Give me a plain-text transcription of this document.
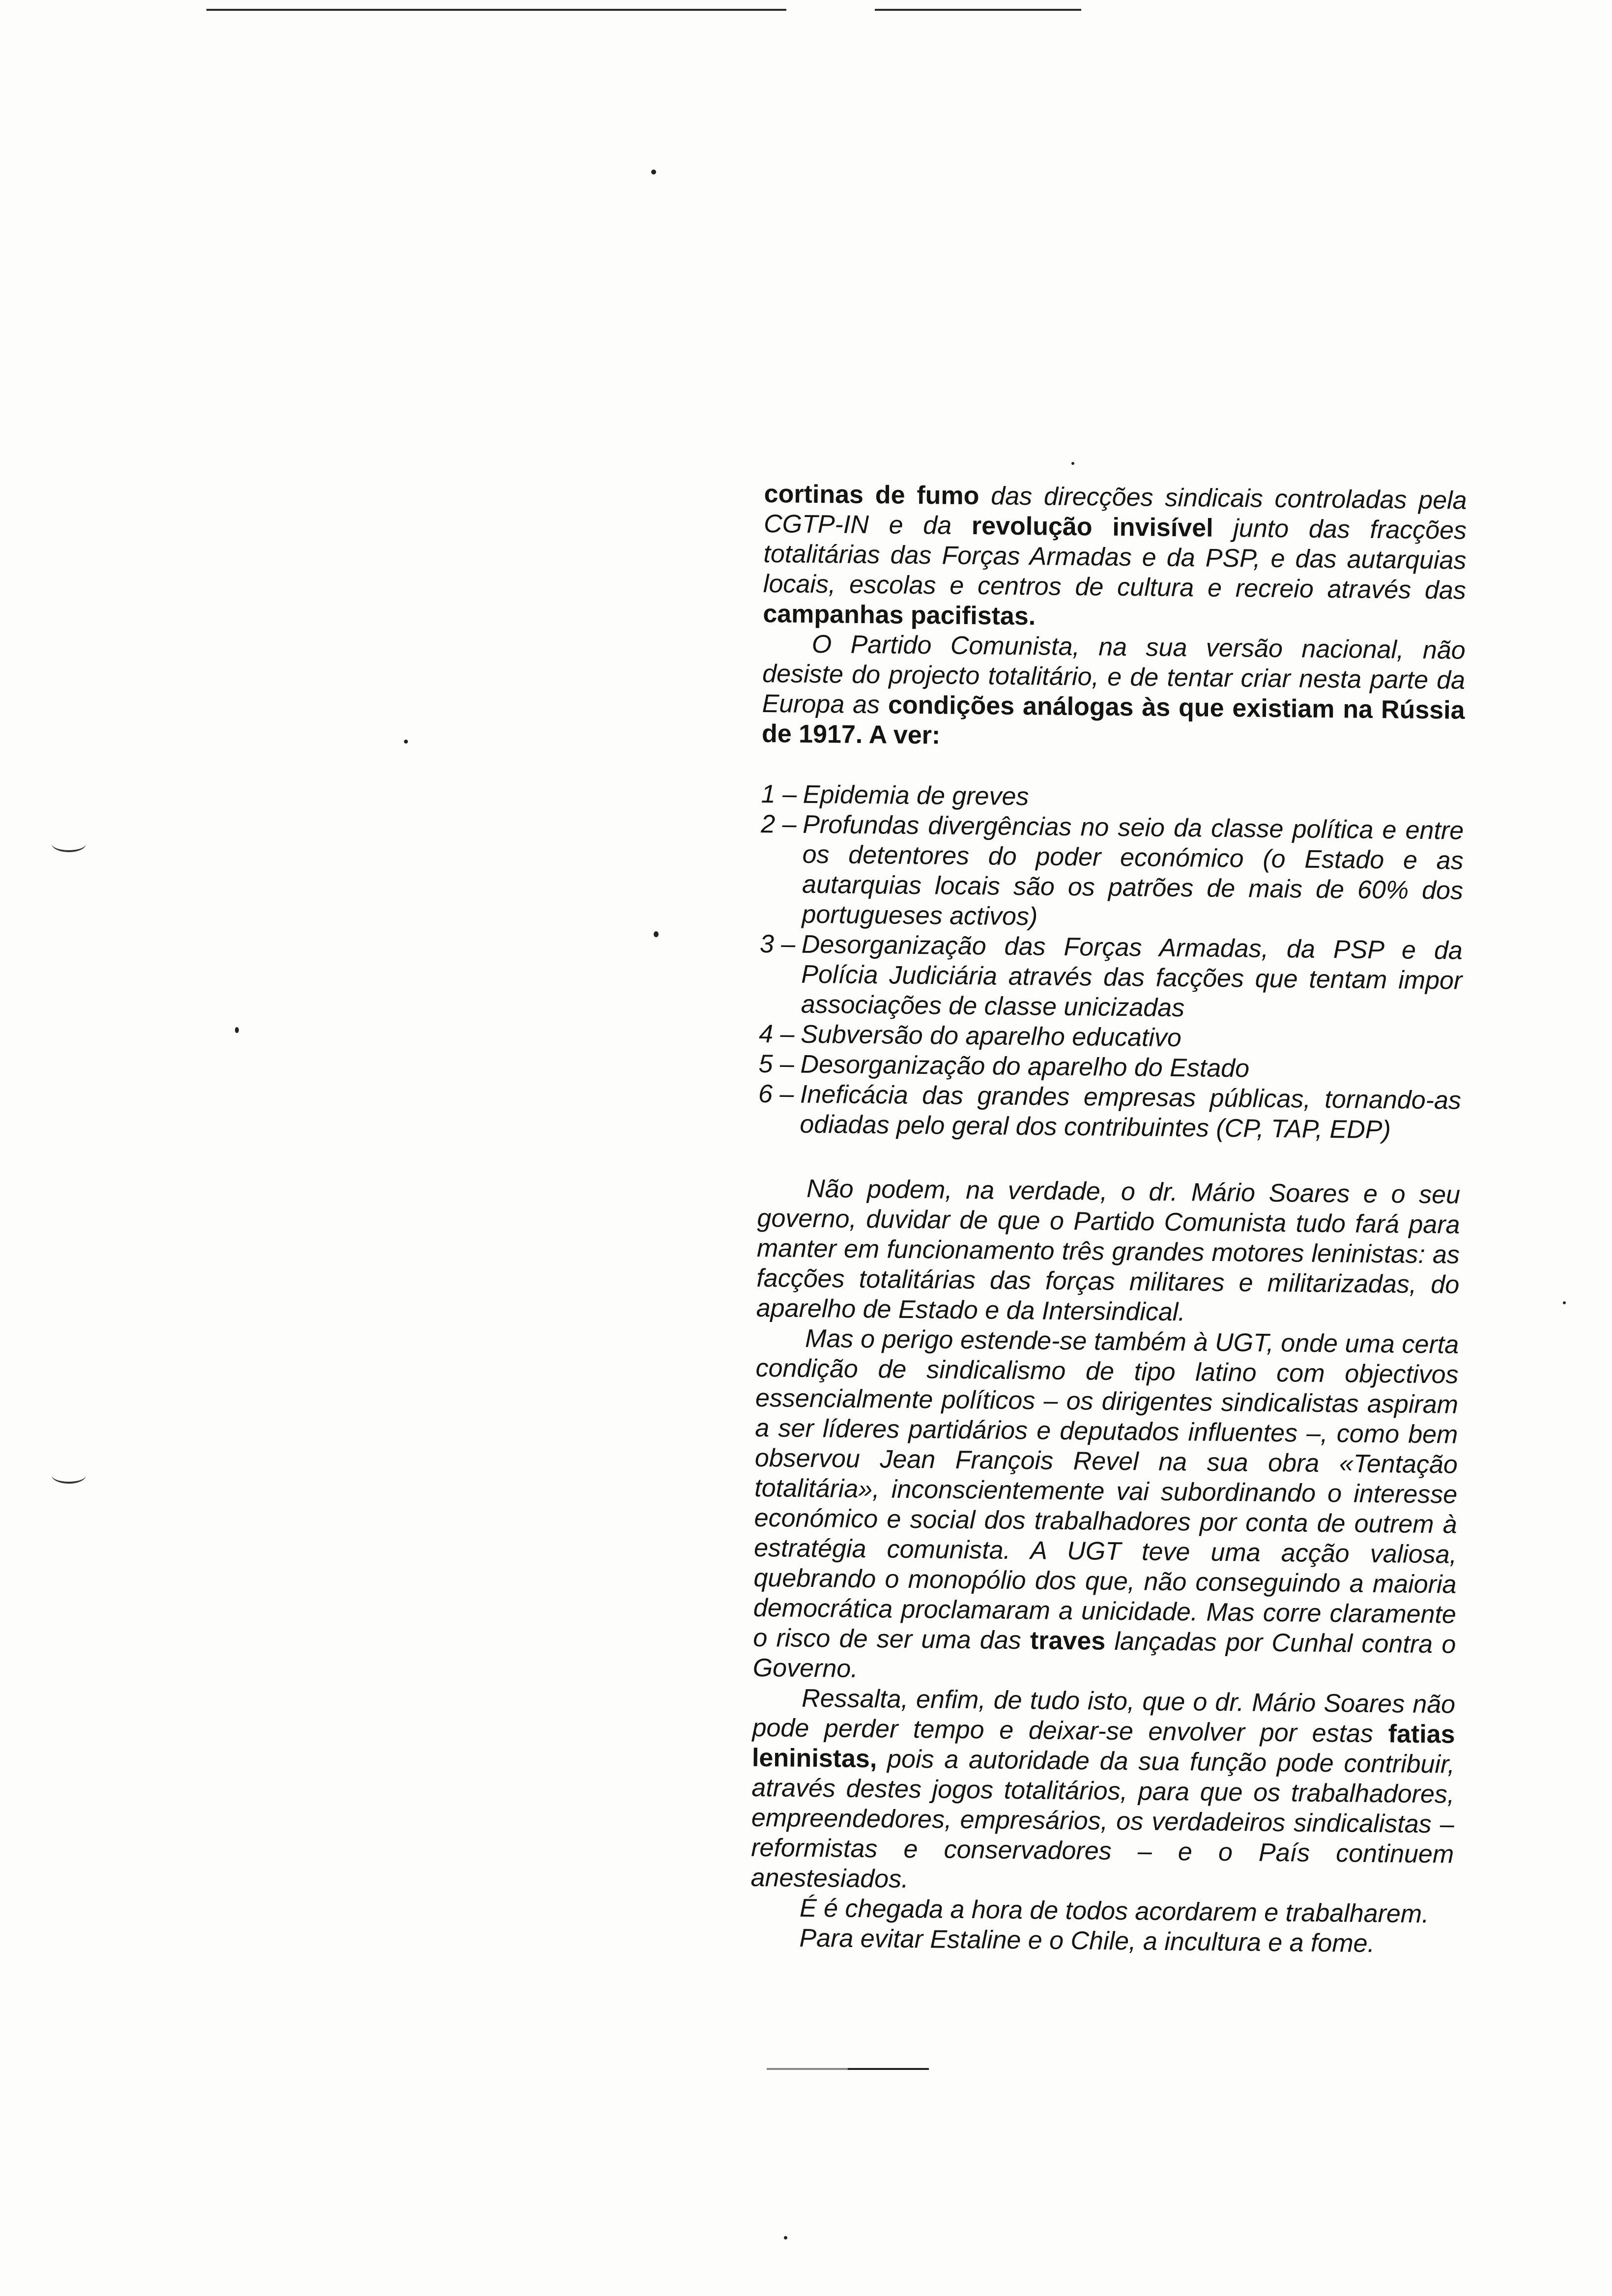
cortinas de fumo das direcções sindicais controladas pela CGTP-IN e da revolução invisível junto das fracções totalitárias das Forças Armadas e da PSP, e das autarquias locais, escolas e centros de cultura e recreio através das campanhas pacifistas.

O Partido Comunista, na sua versão nacional, não desiste do projecto totalitário, e de tentar criar nesta parte da Europa as condições análogas às que existiam na Rússia de 1917. A ver:

1 – Epidemia de greves
2 – Profundas divergências no seio da classe política e entre os detentores do poder económico (o Estado e as autarquias locais são os patrões de mais de 60% dos portugueses activos)
3 – Desorganização das Forças Armadas, da PSP e da Polícia Judiciária através das facções que tentam impor associações de classe unicizadas
4 – Subversão do aparelho educativo
5 – Desorganização do aparelho do Estado
6 – Ineficácia das grandes empresas públicas, tornando-as odiadas pelo geral dos contribuintes (CP, TAP, EDP)

Não podem, na verdade, o dr. Mário Soares e o seu governo, duvidar de que o Partido Comunista tudo fará para manter em funcionamento três grandes motores leninistas: as facções totalitárias das forças militares e militarizadas, do aparelho de Estado e da Intersindical.

Mas o perigo estende-se também à UGT, onde uma certa condição de sindicalismo de tipo latino com objectivos essencialmente políticos – os dirigentes sindicalistas aspiram a ser líderes partidários e deputados influentes –, como bem observou Jean François Revel na sua obra «Tentação totalitária», inconscientemente vai subordinando o interesse económico e social dos trabalhadores por conta de outrem à estratégia comunista. A UGT teve uma acção valiosa, quebrando o monopólio dos que, não conseguindo a maioria democrática proclamaram a unicidade. Mas corre claramente o risco de ser uma das traves lançadas por Cunhal contra o Governo.

Ressalta, enfim, de tudo isto, que o dr. Mário Soares não pode perder tempo e deixar-se envolver por estas fatias leninistas, pois a autoridade da sua função pode contribuir, através destes jogos totalitários, para que os trabalhadores, empreendedores, empresários, os verdadeiros sindicalistas – reformistas e conservadores – e o País continuem anestesiados.

É é chegada a hora de todos acordarem e trabalharem.

Para evitar Estaline e o Chile, a incultura e a fome.
